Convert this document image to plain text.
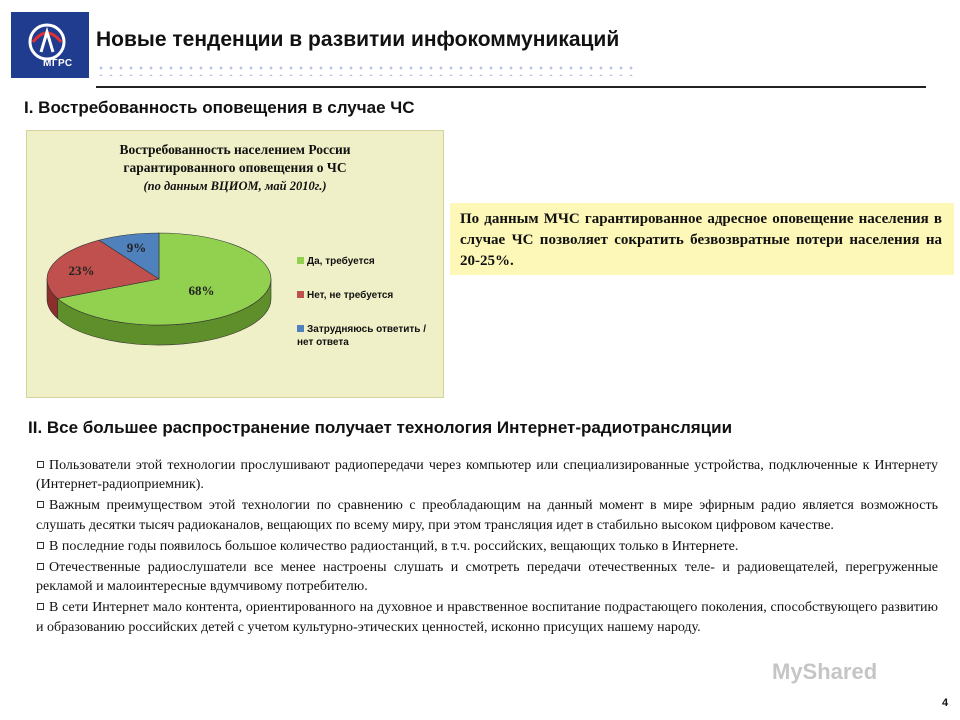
МГРС
Новые тенденции в развитии инфокоммуникаций
I. Востребованность оповещения в случае ЧС
Востребованность населением России
гарантированного оповещения о ЧС
(по данным ВЦИОМ, май 2010г.)
68%
23%
9%
Да, требуется
Нет, не требуется
Затрудняюсь ответить / нет ответа
По данным МЧС гарантированное адресное оповещение населения в случае ЧС позволяет сократить безвозвратные потери населения на 20-25%.
II. Все большее распространение получает технология Интернет-радиотрансляции
Пользователи этой технологии прослушивают радиопередачи через компьютер или специализированные устройства, подключенные к Интернету (Интернет-радиоприемник).
Важным преимуществом этой технологии по сравнению с преобладающим на данный момент в мире эфирным радио является возможность слушать десятки тысяч радиоканалов, вещающих по всему миру, при этом трансляция идет в стабильно высоком цифровом качестве.
В последние годы появилось большое количество радиостанций, в т.ч. российских, вещающих только в Интернете.
Отечественные радиослушатели все менее настроены слушать и смотреть передачи отечественных теле- и радиовещателей, перегруженные рекламой и малоинтересные вдумчивому потребителю.
В сети Интернет мало контента, ориентированного на духовное и нравственное воспитание подрастающего поколения, способствующего развитию и образованию российских детей с учетом культурно-этических ценностей, исконно присущих нашему народу.
MyShared
4
